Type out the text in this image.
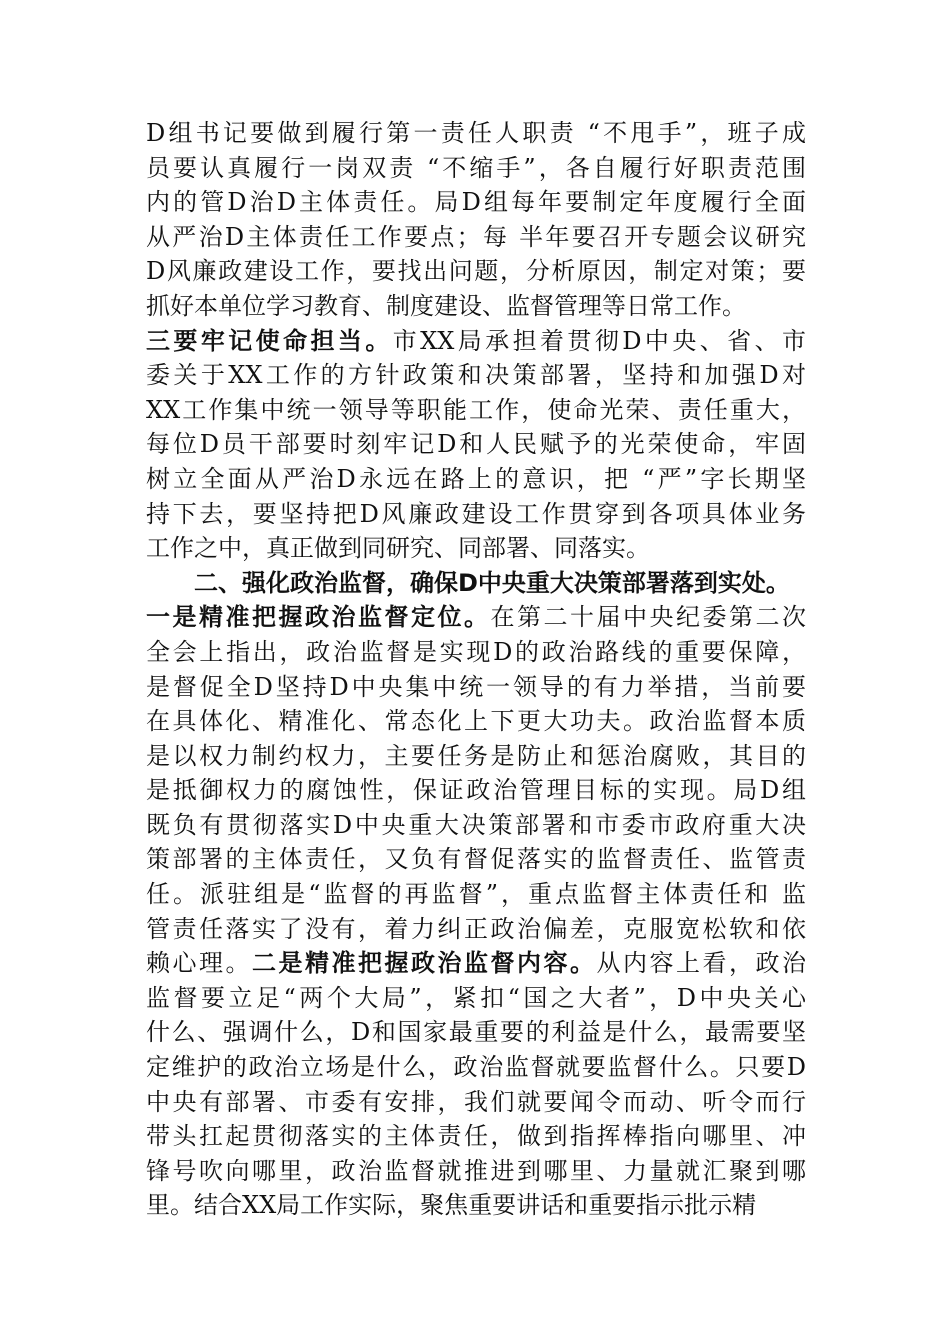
D组书记要做到履行第一责任人职责 “不甩手”，班子成
员要认真履行一岗双责 “不缩手”，各自履行好职责范围
内的管D治D主体责任。局D组每年要制定年度履行全面
从严治D主体责任工作要点；每 半年要召开专题会议研究
D风廉政建设工作，要找出问题，分析原因，制定对策；要
抓好本单位学习教育、制度建设、监督管理等日常工作。
三要牢记使命担当。市XX局承担着贯彻D中央、省、市
委关于XX工作的方针政策和决策部署，坚持和加强D对
XX工作集中统一领导等职能工作，使命光荣、责任重大，
每位D员干部要时刻牢记D和人民赋予的光荣使命，牢固
树立全面从严治D永远在路上的意识，把 “严”字长期坚
持下去，要坚持把D风廉政建设工作贯穿到各项具体业务
工作之中，真正做到同研究、同部署、同落实。
二、强化政治监督，确保D中央重大决策部署落到实处。
一是精准把握政治监督定位。在第二十届中央纪委第二次
全会上指出，政治监督是实现D的政治路线的重要保障，
是督促全D坚持D中央集中统一领导的有力举措，当前要
在具体化、精准化、常态化上下更大功夫。政治监督本质
是以权力制约权力，主要任务是防止和惩治腐败，其目的
是抵御权力的腐蚀性，保证政治管理目标的实现。局D组
既负有贯彻落实D中央重大决策部署和市委市政府重大决
策部署的主体责任，又负有督促落实的监督责任、监管责
任。派驻组是“监督的再监督”，重点监督主体责任和 监
管责任落实了没有，着力纠正政治偏差，克服宽松软和依
赖心理。二是精准把握政治监督内容。从内容上看，政治
监督要立足“两个大局”，紧扣“国之大者”，D中央关心
什么、强调什么，D和国家最重要的利益是什么，最需要坚
定维护的政治立场是什么，政治监督就要监督什么。只要D
中央有部署、市委有安排，我们就要闻令而动、听令而行
带头扛起贯彻落实的主体责任，做到指挥棒指向哪里、冲
锋号吹向哪里，政治监督就推进到哪里、力量就汇聚到哪
里。结合XX局工作实际，聚焦重要讲话和重要指示批示精
